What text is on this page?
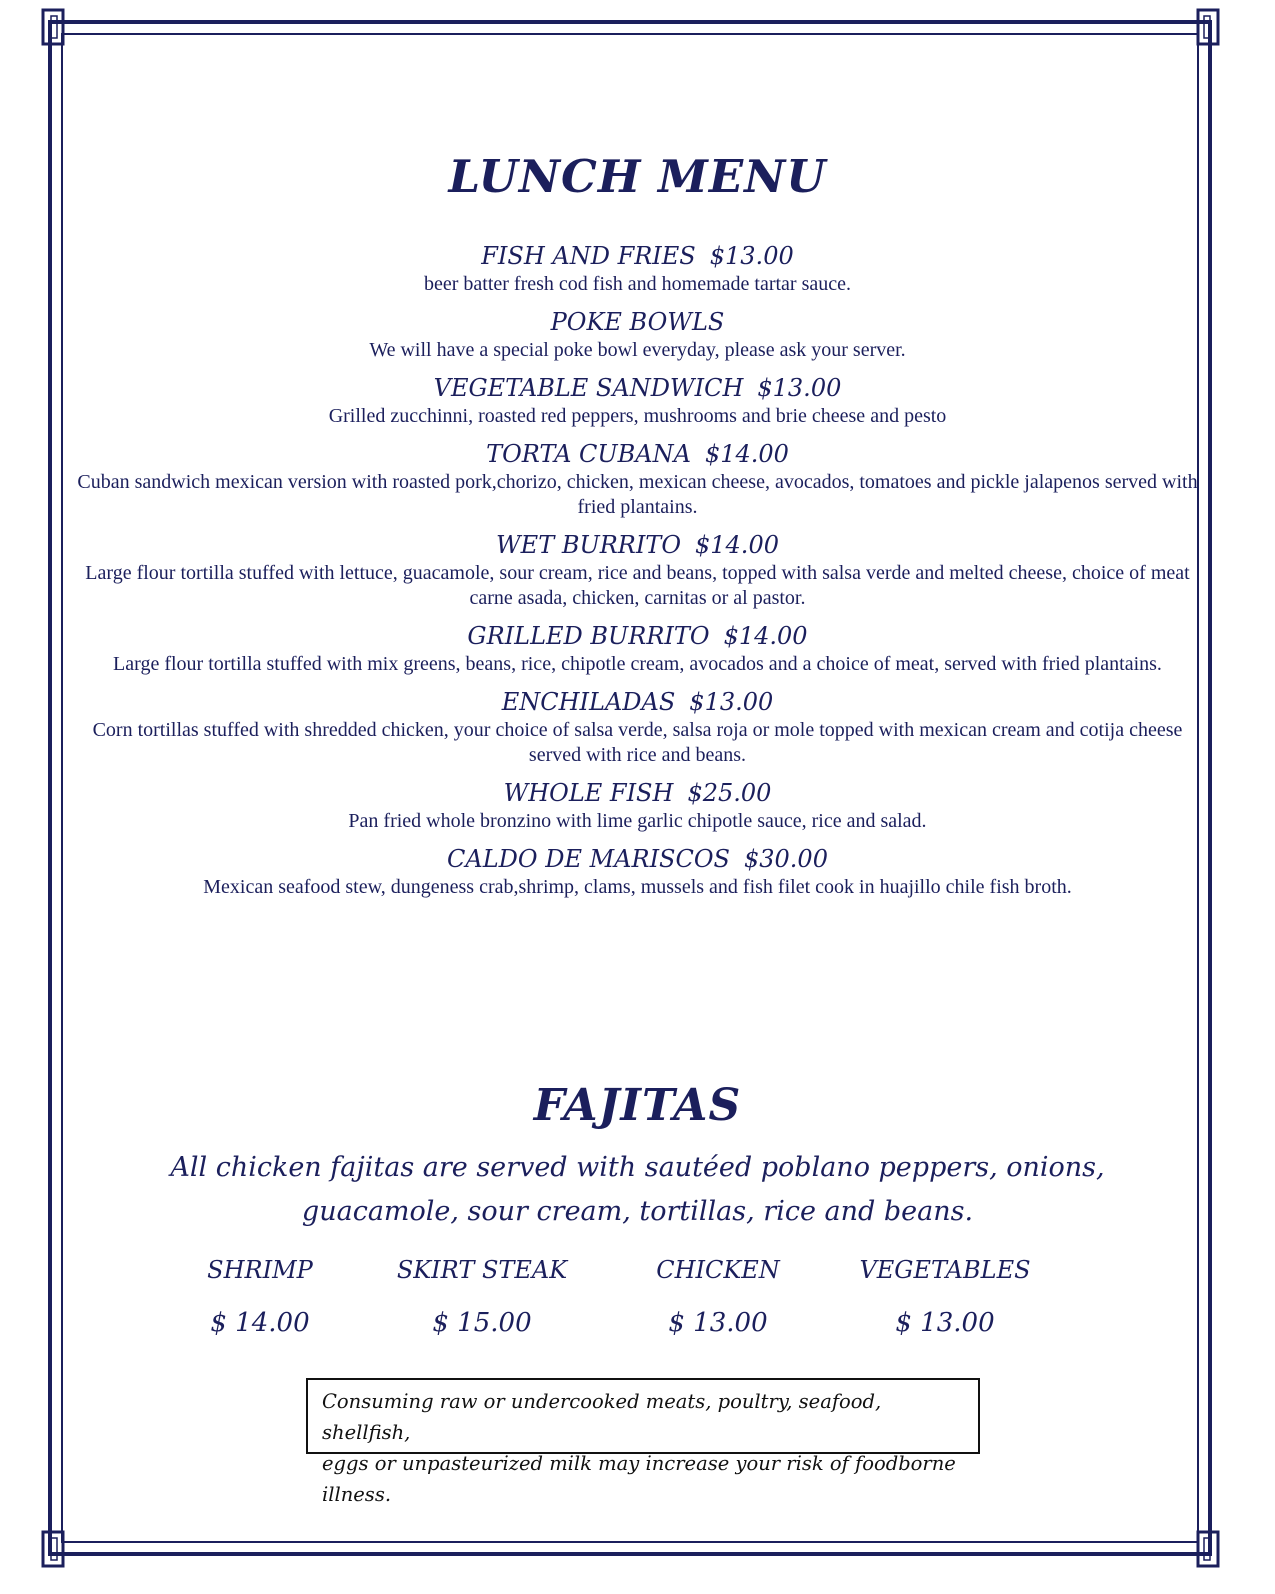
LUNCH MENU
FISH AND FRIES $13.00
beer batter fresh cod fish and homemade tartar sauce.
POKE BOWLS
We will have a special poke bowl everyday, please ask your server.
VEGETABLE SANDWICH $13.00
Grilled zucchinni, roasted red peppers, mushrooms and brie cheese and pesto
TORTA CUBANA $14.00
Cuban sandwich mexican version with roasted pork,chorizo, chicken, mexican cheese, avocados, tomatoes and pickle jalapenos served with fried plantains.
WET BURRITO $14.00
Large flour tortilla stuffed with lettuce, guacamole, sour cream, rice and beans, topped with salsa verde and melted cheese, choice of meat carne asada, chicken, carnitas or al pastor.
GRILLED BURRITO $14.00
Large flour tortilla stuffed with mix greens, beans, rice, chipotle cream, avocados and a choice of meat, served with fried plantains.
ENCHILADAS $13.00
Corn tortillas stuffed with shredded chicken, your choice of salsa verde, salsa roja or mole topped with mexican cream and cotija cheese served with rice and beans.
WHOLE FISH $25.00
Pan fried whole bronzino with lime garlic chipotle sauce, rice and salad.
CALDO DE MARISCOS $30.00
Mexican seafood stew, dungeness crab,shrimp, clams, mussels and fish filet cook in huajillo chile fish broth.
FAJITAS
All chicken fajitas are served with sautéed poblano peppers, onions,
guacamole, sour cream, tortillas, rice and beans.
SHRIMP
$ 14.00
SKIRT STEAK
$ 15.00
CHICKEN
$ 13.00
VEGETABLES
$ 13.00
Consuming raw or undercooked meats, poultry, seafood, shellfish,
eggs or unpasteurized milk may increase your risk of foodborne illness.
